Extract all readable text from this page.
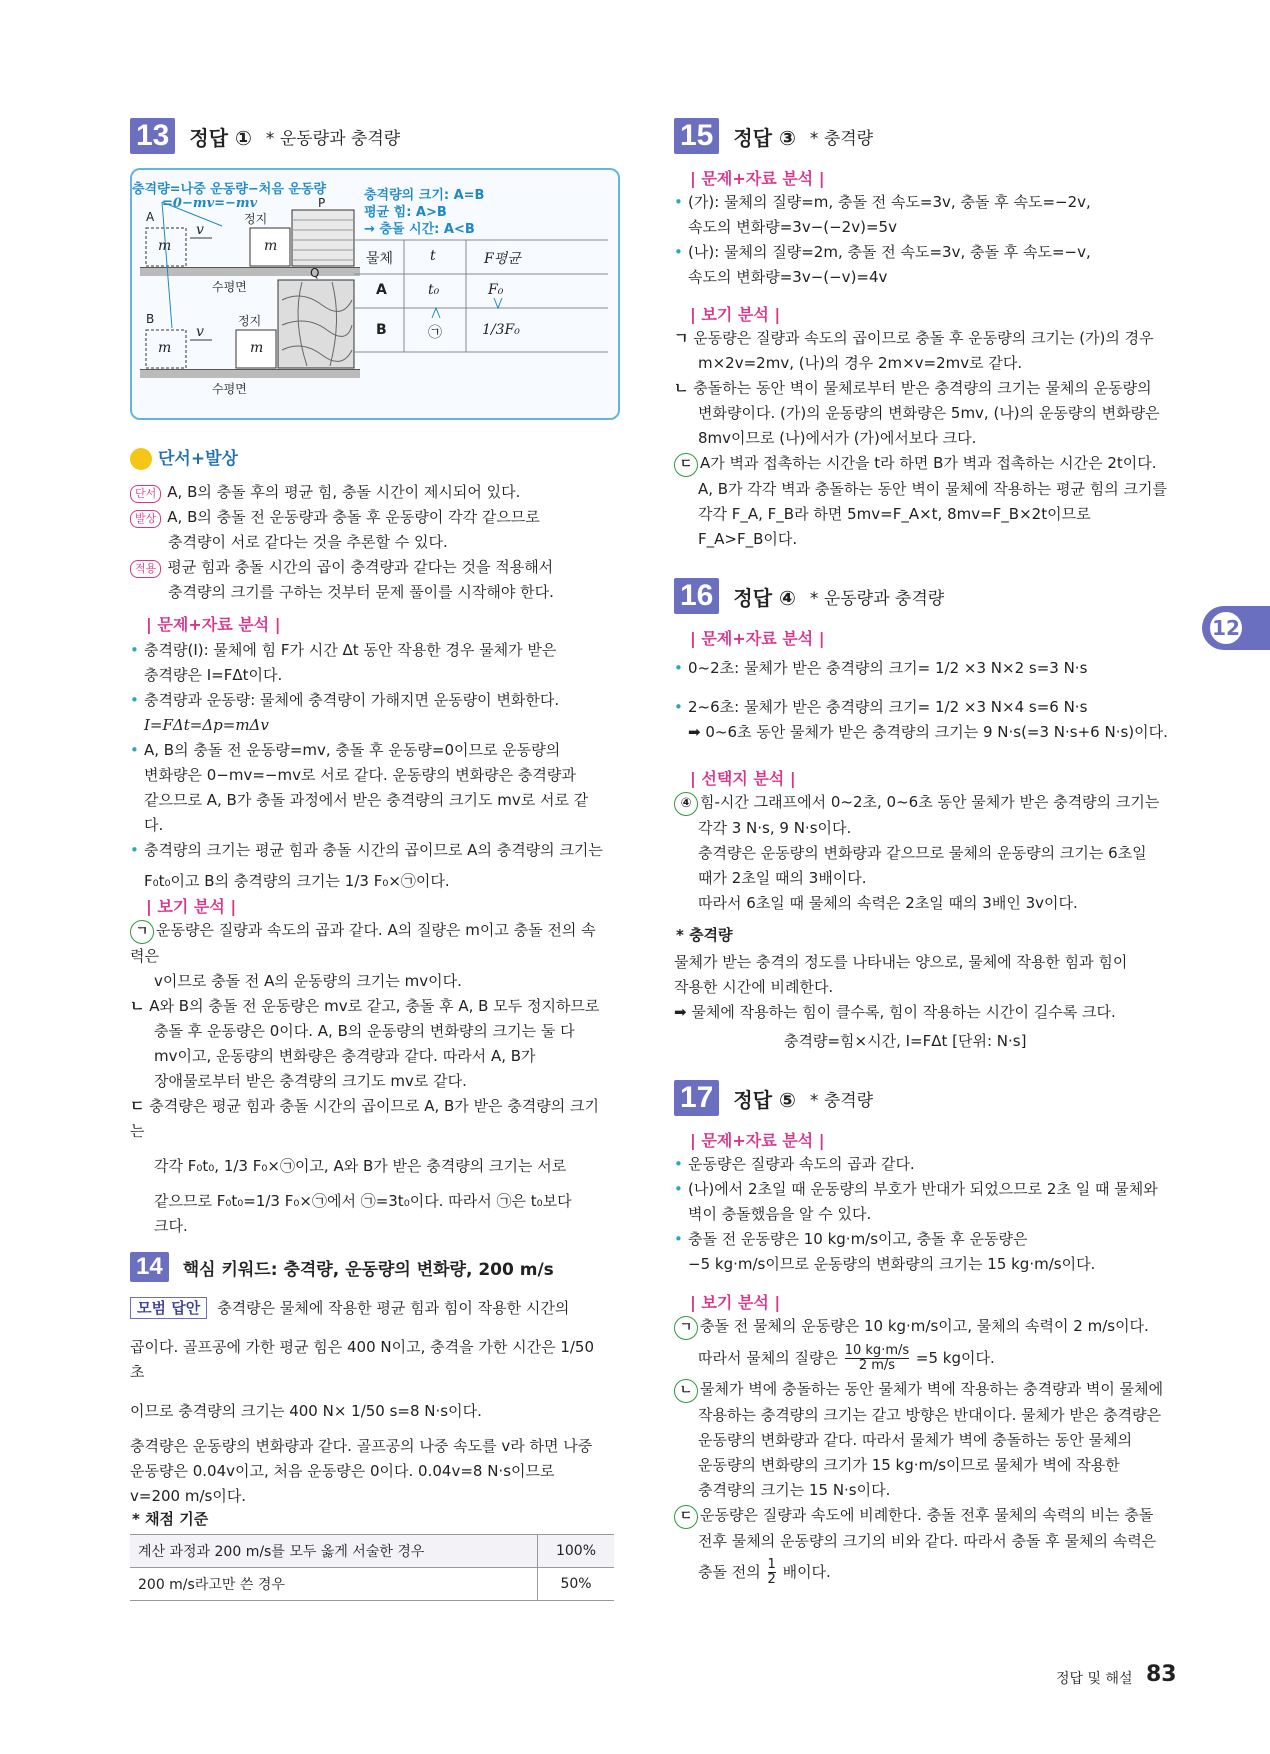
13	정답 ① * 운동량과 충격량
충격량=나중 운동량−처음 운동량
=0−mv=−mv
A
m
v
m
정지
P
수평면
B
m
v
m
정지
Q
수평면
충격량의 크기: A=B
평균 힘: A>B
→ 충돌 시간: A<B
물체	t	F평균
A	t₀	F₀
B	㉠	1/3F₀
단서+발상
단서 A, B의 충돌 후의 평균 힘, 충돌 시간이 제시되어 있다.
발상 A, B의 충돌 전 운동량과 충돌 후 운동량이 각각 같으므로
충격량이 서로 같다는 것을 추론할 수 있다.
적용 평균 힘과 충돌 시간의 곱이 충격량과 같다는 것을 적용해서
충격량의 크기를 구하는 것부터 문제 풀이를 시작해야 한다.
| 문제+자료 분석 |
• 충격량(I): 물체에 힘 F가 시간 Δt 동안 작용한 경우 물체가 받은
충격량은 I=FΔt이다.
• 충격량과 운동량: 물체에 충격량이 가해지면 운동량이 변화한다.
I=FΔt=Δp=mΔv
• A, B의 충돌 전 운동량=mv, 충돌 후 운동량=0이므로 운동량의
변화량은 0−mv=−mv로 서로 같다. 운동량의 변화량은 충격량과
같으므로 A, B가 충돌 과정에서 받은 충격량의 크기도 mv로 서로 같다.
• 충격량의 크기는 평균 힘과 충돌 시간의 곱이므로 A의 충격량의 크기는
F₀t₀이고 B의 충격량의 크기는 1/3 F₀×㉠이다.
| 보기 분석 |
ㄱ 운동량은 질량과 속도의 곱과 같다. A의 질량은 m이고 충돌 전의 속력은
v이므로 충돌 전 A의 운동량의 크기는 mv이다.
ㄴ A와 B의 충돌 전 운동량은 mv로 같고, 충돌 후 A, B 모두 정지하므로
충돌 후 운동량은 0이다. A, B의 운동량의 변화량의 크기는 둘 다
mv이고, 운동량의 변화량은 충격량과 같다. 따라서 A, B가
장애물로부터 받은 충격량의 크기도 mv로 같다.
ㄷ 충격량은 평균 힘과 충돌 시간의 곱이므로 A, B가 받은 충격량의 크기는
각각 F₀t₀, 1/3 F₀×㉠이고, A와 B가 받은 충격량의 크기는 서로
같으므로 F₀t₀=1/3 F₀×㉠에서 ㉠=3t₀이다. 따라서 ㉠은 t₀보다
크다.
14	핵심 키워드: 충격량, 운동량의 변화량, 200 m/s
모범 답안 충격량은 물체에 작용한 평균 힘과 힘이 작용한 시간의
곱이다. 골프공에 가한 평균 힘은 400 N이고, 충격을 가한 시간은 1/50 초
이므로 충격량의 크기는 400 N× 1/50 s=8 N·s이다.
충격량은 운동량의 변화량과 같다. 골프공의 나중 속도를 v라 하면 나중
운동량은 0.04v이고, 처음 운동량은 0이다. 0.04v=8 N·s이므로
v=200 m/s이다.
* 채점 기준
계산 과정과 200 m/s를 모두 옳게 서술한 경우	100%
200 m/s라고만 쓴 경우	50%
15	정답 ③ * 충격량
| 문제+자료 분석 |
• (가): 물체의 질량=m, 충돌 전 속도=3v, 충돌 후 속도=−2v,
속도의 변화량=3v−(−2v)=5v
• (나): 물체의 질량=2m, 충돌 전 속도=3v, 충돌 후 속도=−v,
속도의 변화량=3v−(−v)=4v
| 보기 분석 |
ㄱ 운동량은 질량과 속도의 곱이므로 충돌 후 운동량의 크기는 (가)의 경우
m×2v=2mv, (나)의 경우 2m×v=2mv로 같다.
ㄴ 충돌하는 동안 벽이 물체로부터 받은 충격량의 크기는 물체의 운동량의
변화량이다. (가)의 운동량의 변화량은 5mv, (나)의 운동량의 변화량은
8mv이므로 (나)에서가 (가)에서보다 크다.
ㄷ A가 벽과 접촉하는 시간을 t라 하면 B가 벽과 접촉하는 시간은 2t이다.
A, B가 각각 벽과 충돌하는 동안 벽이 물체에 작용하는 평균 힘의 크기를
각각 F_A, F_B라 하면 5mv=F_A×t, 8mv=F_B×2t이므로
F_A>F_B이다.
16	정답 ④ * 운동량과 충격량
| 문제+자료 분석 |
• 0~2초: 물체가 받은 충격량의 크기= 1/2 ×3 N×2 s=3 N·s
• 2~6초: 물체가 받은 충격량의 크기= 1/2 ×3 N×4 s=6 N·s
➡ 0~6초 동안 물체가 받은 충격량의 크기는 9 N·s(=3 N·s+6 N·s)이다.
| 선택지 분석 |
④ 힘-시간 그래프에서 0~2초, 0~6초 동안 물체가 받은 충격량의 크기는
각각 3 N·s, 9 N·s이다.
충격량은 운동량의 변화량과 같으므로 물체의 운동량의 크기는 6초일
때가 2초일 때의 3배이다.
따라서 6초일 때 물체의 속력은 2초일 때의 3배인 3v이다.
* 충격량
물체가 받는 충격의 정도를 나타내는 양으로, 물체에 작용한 힘과 힘이
작용한 시간에 비례한다.
➡ 물체에 작용하는 힘이 클수록, 힘이 작용하는 시간이 길수록 크다.
충격량=힘×시간, I=FΔt [단위: N·s]
17	정답 ⑤ * 충격량
| 문제+자료 분석 |
• 운동량은 질량과 속도의 곱과 같다.
• (나)에서 2초일 때 운동량의 부호가 반대가 되었으므로 2초 일 때 물체와
벽이 충돌했음을 알 수 있다.
• 충돌 전 운동량은 10 kg·m/s이고, 충돌 후 운동량은
−5 kg·m/s이므로 운동량의 변화량의 크기는 15 kg·m/s이다.
| 보기 분석 |
ㄱ 충돌 전 물체의 운동량은 10 kg·m/s이고, 물체의 속력이 2 m/s이다.
따라서 물체의 질량은 $\frac{10 kg\cdot m/s}{2 m/s} =5$ kg이다.
ㄴ 물체가 벽에 충돌하는 동안 물체가 벽에 작용하는 충격량과 벽이 물체에
작용하는 충격량의 크기는 같고 방향은 반대이다. 물체가 받은 충격량은
운동량의 변화량과 같다. 따라서 물체가 벽에 충돌하는 동안 물체의
운동량의 변화량의 크기가 15 kg·m/s이므로 물체가 벽에 작용한
충격량의 크기는 15 N·s이다.
ㄷ 운동량은 질량과 속도에 비례한다. 충돌 전후 물체의 속력의 비는 충돌
전후 물체의 운동량의 크기의 비와 같다. 따라서 충돌 후 물체의 속력은
충돌 전의 $\frac{1}{2}$ 배이다.
12
정답 및 해설 83
